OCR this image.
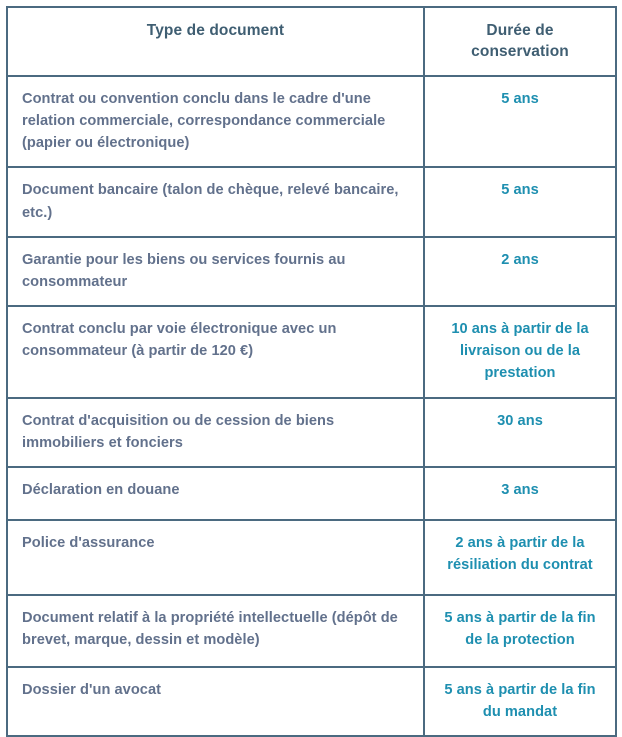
Type de document	Durée de conservation
Contrat ou convention conclu dans le cadre d'une relation commerciale, correspondance commerciale (papier ou électronique)	5 ans
Document bancaire (talon de chèque, relevé bancaire, etc.)	5 ans
Garantie pour les biens ou services fournis au consommateur	2 ans
Contrat conclu par voie électronique avec un consommateur (à partir de 120 €)	10 ans à partir de la livraison ou de la prestation
Contrat d'acquisition ou de cession de biens immobiliers et fonciers	30 ans
Déclaration en douane	3 ans
Police d'assurance	2 ans à partir de la résiliation du contrat
Document relatif à la propriété intellectuelle (dépôt de brevet, marque, dessin et modèle)	5 ans à partir de la fin de la protection
Dossier d'un avocat	5 ans à partir de la fin du mandat
